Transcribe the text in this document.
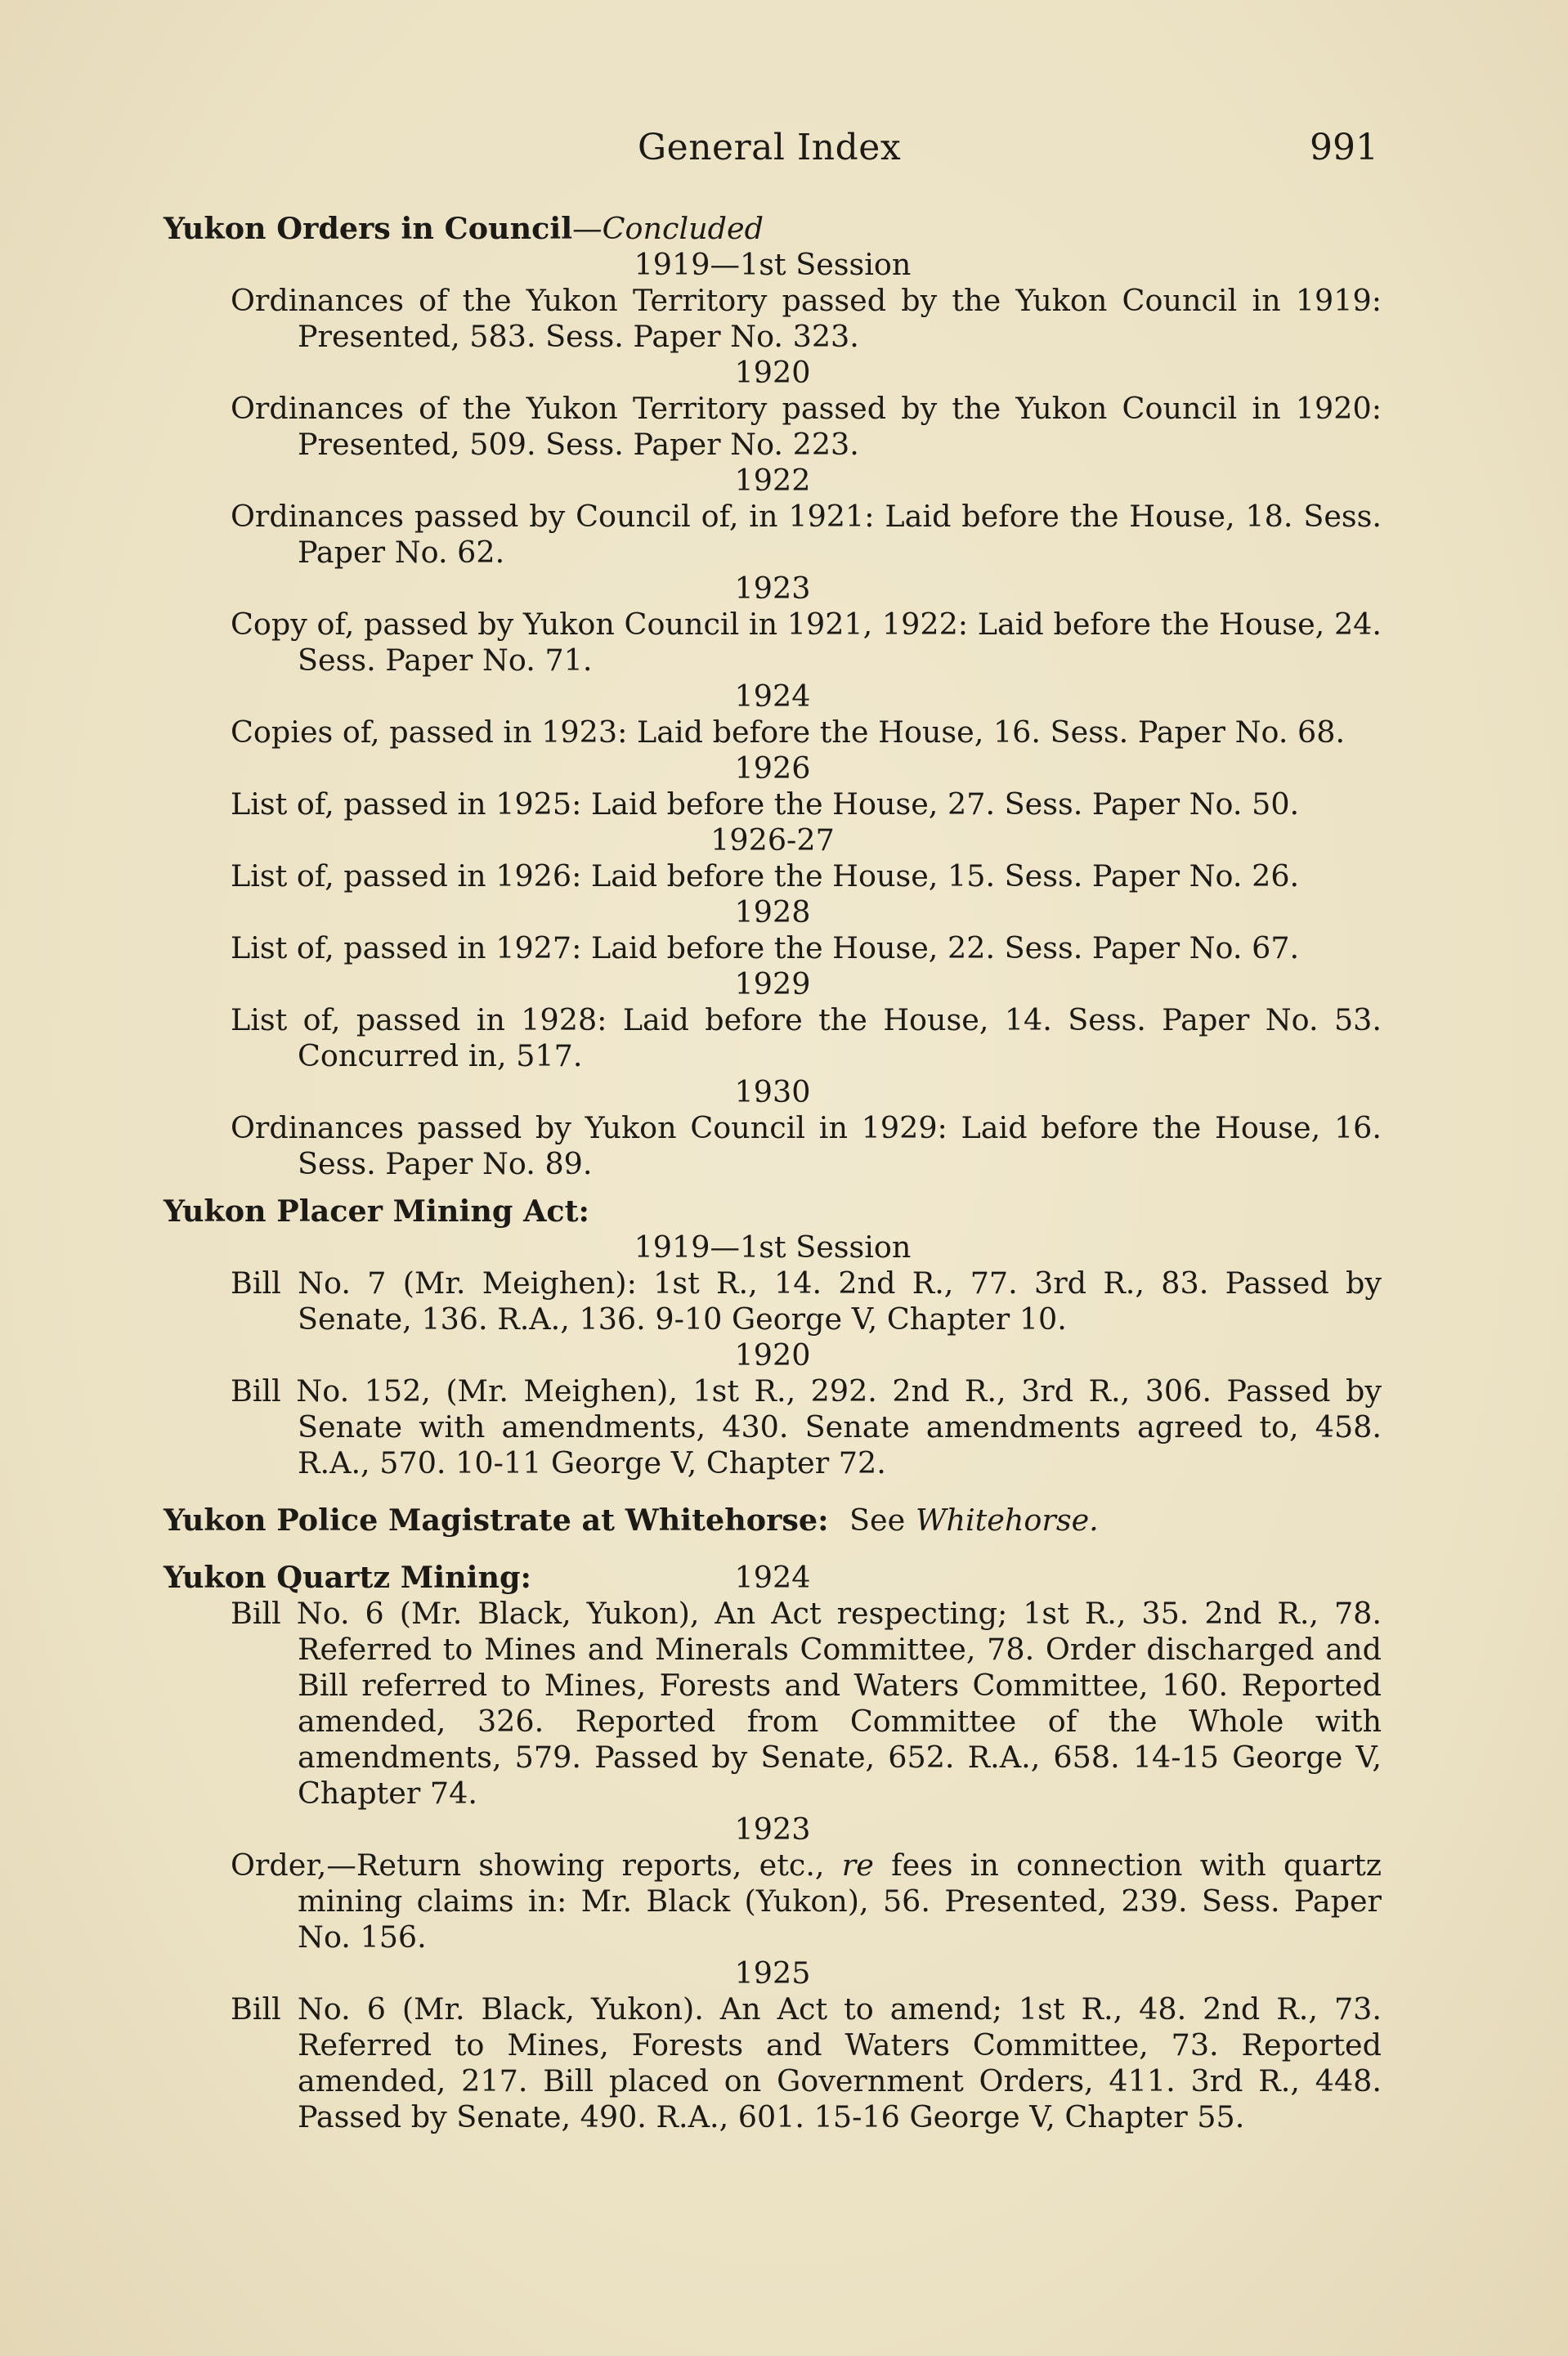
General Index	991
Yukon Orders in Council—Concluded
1919—1st Session
Ordinances of the Yukon Territory passed by the Yukon Council in 1919: Presented, 583. Sess. Paper No. 323.
1920
Ordinances of the Yukon Territory passed by the Yukon Council in 1920: Presented, 509. Sess. Paper No. 223.
1922
Ordinances passed by Council of, in 1921: Laid before the House, 18. Sess. Paper No. 62.
1923
Copy of, passed by Yukon Council in 1921, 1922: Laid before the House, 24. Sess. Paper No. 71.
1924
Copies of, passed in 1923: Laid before the House, 16. Sess. Paper No. 68.
1926
List of, passed in 1925: Laid before the House, 27. Sess. Paper No. 50.
1926-27
List of, passed in 1926: Laid before the House, 15. Sess. Paper No. 26.
1928
List of, passed in 1927: Laid before the House, 22. Sess. Paper No. 67.
1929
List of, passed in 1928: Laid before the House, 14. Sess. Paper No. 53. Concurred in, 517.
1930
Ordinances passed by Yukon Council in 1929: Laid before the House, 16. Sess. Paper No. 89.
Yukon Placer Mining Act:
1919—1st Session
Bill No. 7 (Mr. Meighen): 1st R., 14. 2nd R., 77. 3rd R., 83. Passed by Senate, 136. R.A., 136. 9-10 George V, Chapter 10.
1920
Bill No. 152, (Mr. Meighen), 1st R., 292. 2nd R., 3rd R., 306. Passed by Senate with amendments, 430. Senate amendments agreed to, 458. R.A., 570. 10-11 George V, Chapter 72.
Yukon Police Magistrate at Whitehorse: See Whitehorse.
Yukon Quartz Mining:	1924
Bill No. 6 (Mr. Black, Yukon), An Act respecting; 1st R., 35. 2nd R., 78. Referred to Mines and Minerals Committee, 78. Order discharged and Bill referred to Mines, Forests and Waters Committee, 160. Reported amended, 326. Reported from Committee of the Whole with amendments, 579. Passed by Senate, 652. R.A., 658. 14-15 George V, Chapter 74.
1923
Order,—Return showing reports, etc., re fees in connection with quartz mining claims in: Mr. Black (Yukon), 56. Presented, 239. Sess. Paper No. 156.
1925
Bill No. 6 (Mr. Black, Yukon). An Act to amend; 1st R., 48. 2nd R., 73. Referred to Mines, Forests and Waters Committee, 73. Reported amended, 217. Bill placed on Government Orders, 411. 3rd R., 448. Passed by Senate, 490. R.A., 601. 15-16 George V, Chapter 55.
